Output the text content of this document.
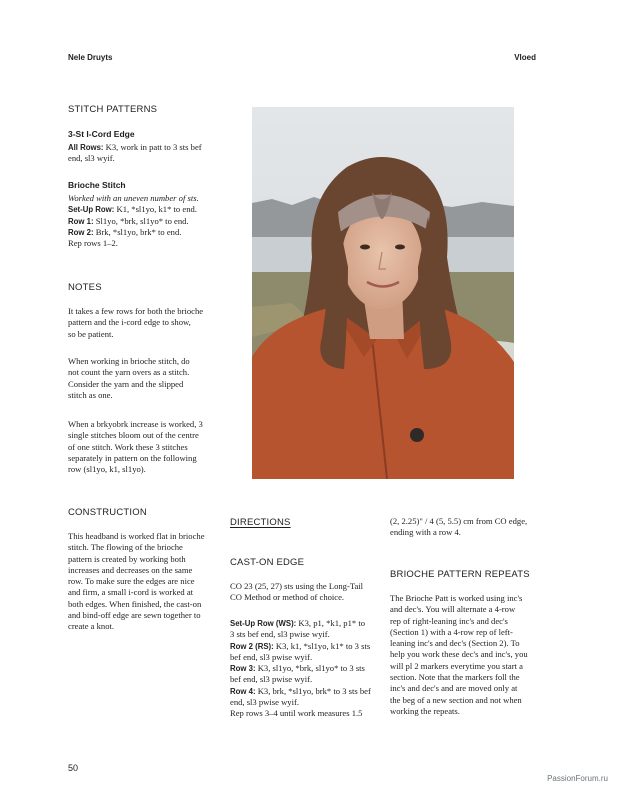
Nele Druyts	Vloed
STITCH PATTERNS
3-St I-Cord Edge

All Rows: K3, work in patt to 3 sts bef

end, sl3 wyif.

Brioche Stitch

Worked with an uneven number of sts.

Set-Up Row: K1, *sl1yo, k1* to end.

Row 1: Sl1yo, *brk, sl1yo* to end.

Row 2: Brk, *sl1yo, brk* to end.

Rep rows 1–2.

NOTES

It takes a few rows for both the brioche

pattern and the i-cord edge to show,

so be patient.

When working in brioche stitch, do

not count the yarn overs as a stitch.

Consider the yarn and the slipped

stitch as one.

When a brkyobrk increase is worked, 3

single stitches bloom out of the centre

of one stitch. Work these 3 stitches

separately in pattern on the following

row (sl1yo, k1, sl1yo).

CONSTRUCTION

This headband is worked flat in brioche

stitch. The flowing of the brioche

pattern is created by working both

increases and decreases on the same

row. To make sure the edges are nice

and firm, a small i-cord is worked at

both edges. When finished, the cast-on

and bind-off edge are sewn together to

create a knot.

DIRECTIONS
CAST-ON EDGE

CO 23 (25, 27) sts using the Long-Tail

CO Method or method of choice.

Set-Up Row (WS): K3, p1, *k1, p1* to

3 sts bef end, sl3 pwise wyif.

Row 2 (RS): K3, k1, *sl1yo, k1* to 3 sts

bef end, sl3 pwise wyif.

Row 3: K3, sl1yo, *brk, sl1yo* to 3 sts

bef end, sl3 pwise wyif.

Row 4: K3, brk, *sl1yo, brk* to 3 sts bef

end, sl3 pwise wyif.

Rep rows 3–4 until work measures 1.5

(2, 2.25)" / 4 (5, 5.5) cm from CO edge,

ending with a row 4.

BRIOCHE PATTERN REPEATS

The Brioche Patt is worked using inc's

and dec's. You will alternate a 4-row

rep of right-leaning inc's and dec's

(Section 1) with a 4-row rep of left-

leaning inc's and dec's (Section 2). To

help you work these dec's and inc's, you

will pl 2 markers everytime you start a

section. Note that the markers foll the

inc's and dec's and are moved only at

the beg of a new section and not when

working the repeats.

50
PassionForum.ru
